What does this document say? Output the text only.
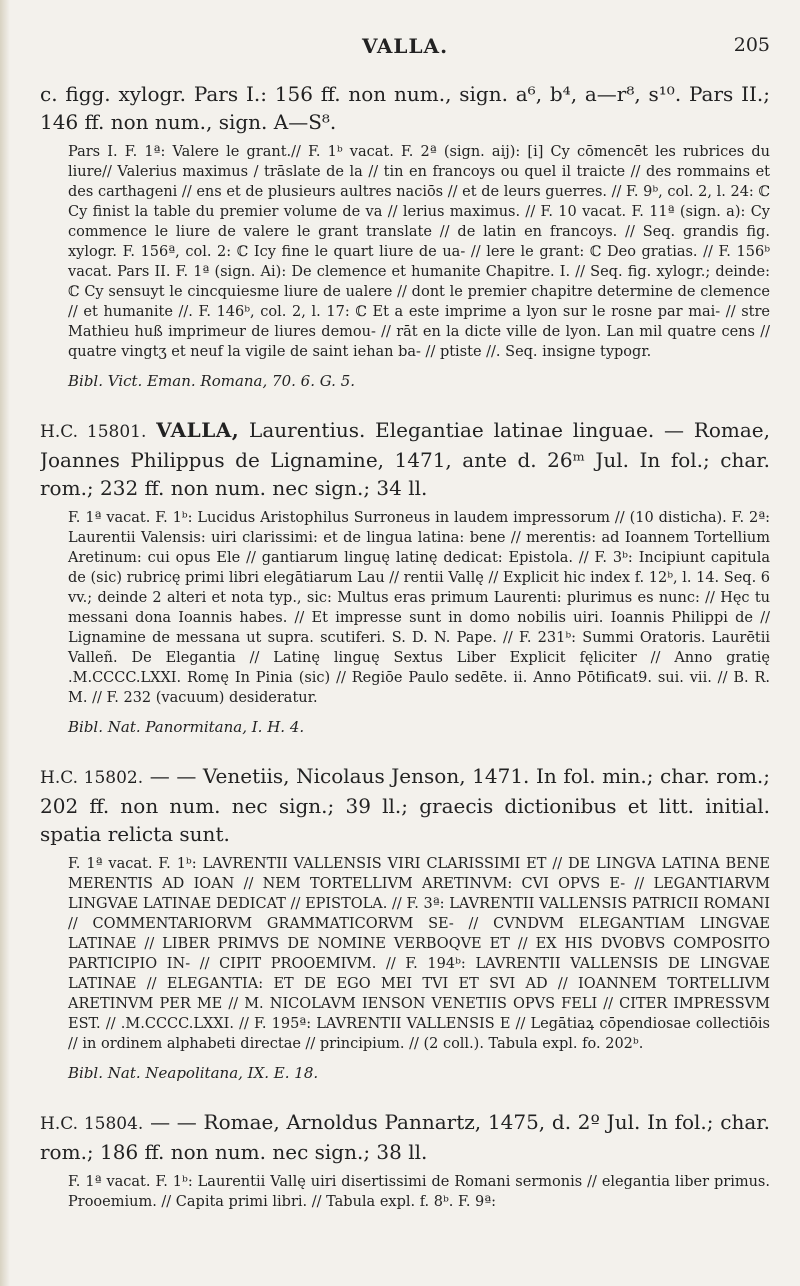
VALLA.	205
c. figg. xylogr. Pars I.: 156 ff. non num., sign. a⁶, b⁴, a—r⁸, s¹⁰. Pars II.; 146 ff. non num., sign. A—S⁸.
Pars I. F. 1ª: Valere le grant.// F. 1ᵇ vacat. F. 2ª (sign. aij): [i] Cy cōmencēt les rubrices du liure// Valerius maximus / trāslate de la // tin en francoys ou quel il traicte // des rommains et des carthageni // ens et de plusieurs aultres naciōs // et de leurs guerres. // F. 9ᵇ, col. 2, l. 24: ℂ Cy finist la table du premier volume de va // lerius maximus. // F. 10 vacat. F. 11ª (sign. a): Cy commence le liure de valere le grant translate // de latin en francoys. // Seq. grandis fig. xylogr. F. 156ª, col. 2: ℂ Icy fine le quart liure de ua- // lere le grant: ℂ Deo gratias. // F. 156ᵇ vacat. Pars II. F. 1ª (sign. Ai): De clemence et humanite Chapitre. I. // Seq. fig. xylogr.; deinde: ℂ Cy sensuyt le cincquiesme liure de ualere // dont le premier chapitre determine de clemence // et humanite //. F. 146ᵇ, col. 2, l. 17: ℂ Et a este imprime a lyon sur le rosne par mai- // stre Mathieu huß imprimeur de liures demou- // rāt en la dicte ville de lyon. Lan mil quatre cens // quatre vingtʒ et neuf la vigile de saint iehan ba- // ptiste //. Seq. insigne typogr.
Bibl. Vict. Eman. Romana, 70. 6. G. 5.
H.C. 15801. VALLA, Laurentius. Elegantiae latinae linguae. — Romae, Joannes Philippus de Lignamine, 1471, ante d. 26ᵐ Jul. In fol.; char. rom.; 232 ff. non num. nec sign.; 34 ll.
F. 1ª vacat. F. 1ᵇ: Lucidus Aristophilus Surroneus in laudem impressorum // (10 disticha). F. 2ª: Laurentii Valensis: uiri clarissimi: et de lingua latina: bene // merentis: ad Ioannem Tortellium Aretinum: cui opus Ele // gantiarum linguę latinę dedicat: Epistola. // F. 3ᵇ: Incipiunt capitula de (sic) rubricę primi libri elegātiarum Lau // rentii Vallę // Explicit hic index f. 12ᵇ, l. 14. Seq. 6 vv.; deinde 2 alteri et nota typ., sic: Multus eras primum Laurenti: plurimus es nunc: // Hęc tu messani dona Ioannis habes. // Et impresse sunt in domo nobilis uiri. Ioannis Philippi de // Lignamine de messana ut supra. scutiferi. S. D. N. Pape. // F. 231ᵇ: Summi Oratoris. Laurētii Valleñ. De Elegantia // Latinę linguę Sextus Liber Explicit fęliciter // Anno gratię .M.CCCC.LXXI. Romę In Pinia (sic) // Regiōe Paulo sedēte. ii. Anno Pōtificat9. sui. vii. // B. R. M. // F. 232 (vacuum) desideratur.
Bibl. Nat. Panormitana, I. H. 4.
H.C. 15802. — — Venetiis, Nicolaus Jenson, 1471. In fol. min.; char. rom.; 202 ff. non num. nec sign.; 39 ll.; graecis dictionibus et litt. initial. spatia relicta sunt.
F. 1ª vacat. F. 1ᵇ: LAVRENTII VALLENSIS VIRI CLARISSIMI ET // DE LINGVA LATINA BENE MERENTIS AD IOAN // NEM TORTELLIVM ARETINVM: CVI OPVS E- // LEGANTIARVM LINGVAE LATINAE DEDICAT // EPISTOLA. // F. 3ª: LAVRENTII VALLENSIS PATRICII ROMANI // COMMENTARIORVM GRAMMATICORVM SE- // CVNDVM ELEGANTIAM LINGVAE LATINAE // LIBER PRIMVS DE NOMINE VERBOQVE ET // EX HIS DVOBVS COMPOSITO PARTICIPIO IN- // CIPIT PROOEMIVM. // F. 194ᵇ: LAVRENTII VALLENSIS DE LINGVAE LATINAE // ELEGANTIA: ET DE EGO MEI TVI ET SVI AD // IOANNEM TORTELLIVM ARETINVM PER ME // M. NICOLAVM IENSON VENETIIS OPVS FELI // CITER IMPRESSVM EST. // .M.CCCC.LXXI. // F. 195ª: LAVRENTII VALLENSIS E // Legātiaꝝ cōpendiosae collectiōis // in ordinem alphabeti directae // principium. // (2 coll.). Tabula expl. fo. 202ᵇ.
Bibl. Nat. Neapolitana, IX. E. 18.
H.C. 15804. — — Romae, Arnoldus Pannartz, 1475, d. 2º Jul. In fol.; char. rom.; 186 ff. non num. nec sign.; 38 ll.
F. 1ª vacat. F. 1ᵇ: Laurentii Vallę uiri disertissimi de Romani sermonis // elegantia liber primus. Prooemium. // Capita primi libri. // Tabula expl. f. 8ᵇ. F. 9ª:
